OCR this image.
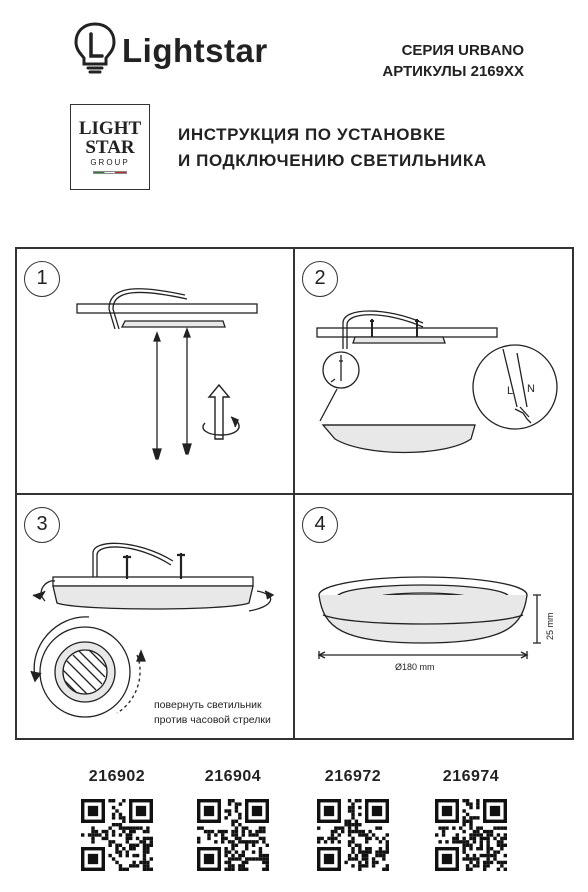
Lightstar	СЕРИЯ URBANO
АРТИКУЛЫ 2169XX
LIGHT
STAR
GROUP
ИНСТРУКЦИЯ ПО УСТАНОВКЕ
И ПОДКЛЮЧЕНИЮ СВЕТИЛЬНИКА
1
L N
2
3
повернуть светильник
против часовой стрелки
Ø180 mm
25 mm
4
216902	216904	216972	216974
